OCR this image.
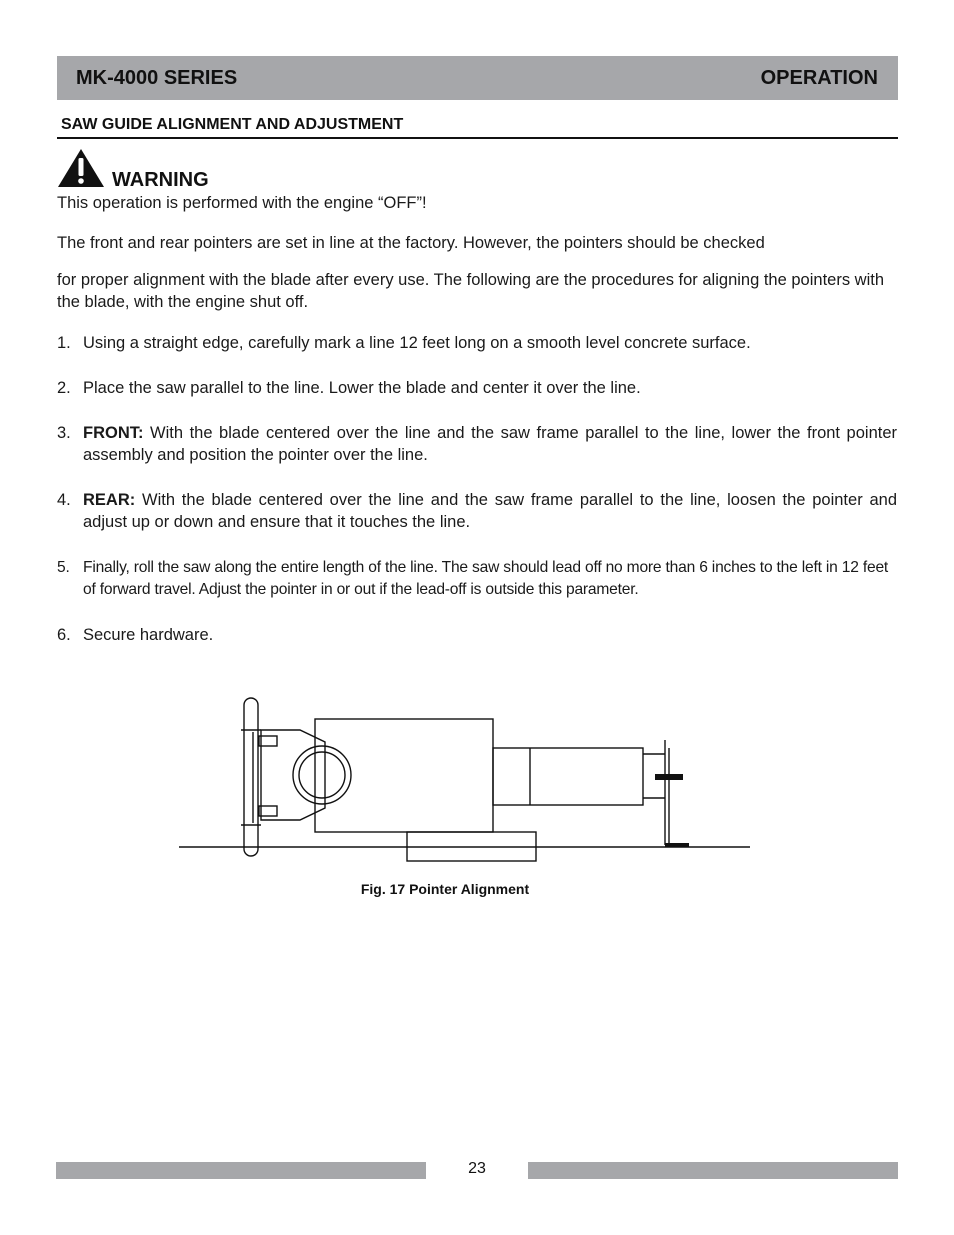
MK-4000 SERIES	OPERATION
SAW GUIDE ALIGNMENT AND ADJUSTMENT
WARNING
This operation is performed with the engine “OFF”!
The front and rear pointers are set in line at the factory. However, the pointers should be checked
for proper alignment with the blade after every use. The following are the procedures for aligning the pointers with the blade, with the engine shut off.
1. Using a straight edge, carefully mark a line 12 feet long on a smooth level concrete surface.
2. Place the saw parallel to the line. Lower the blade and center it over the line.
3. FRONT: With the blade centered over the line and the saw frame parallel to the line, lower the front pointer assembly and position the pointer over the line.
4. REAR: With the blade centered over the line and the saw frame parallel to the line, loosen the pointer and adjust up or down and ensure that it touches the line.
5. Finally, roll the saw along the entire length of the line. The saw should lead off no more than 6 inches to the left in 12 feet of forward travel. Adjust the pointer in or out if the lead-off is outside this parameter.
6. Secure hardware.
Fig. 17 Pointer Alignment
23
